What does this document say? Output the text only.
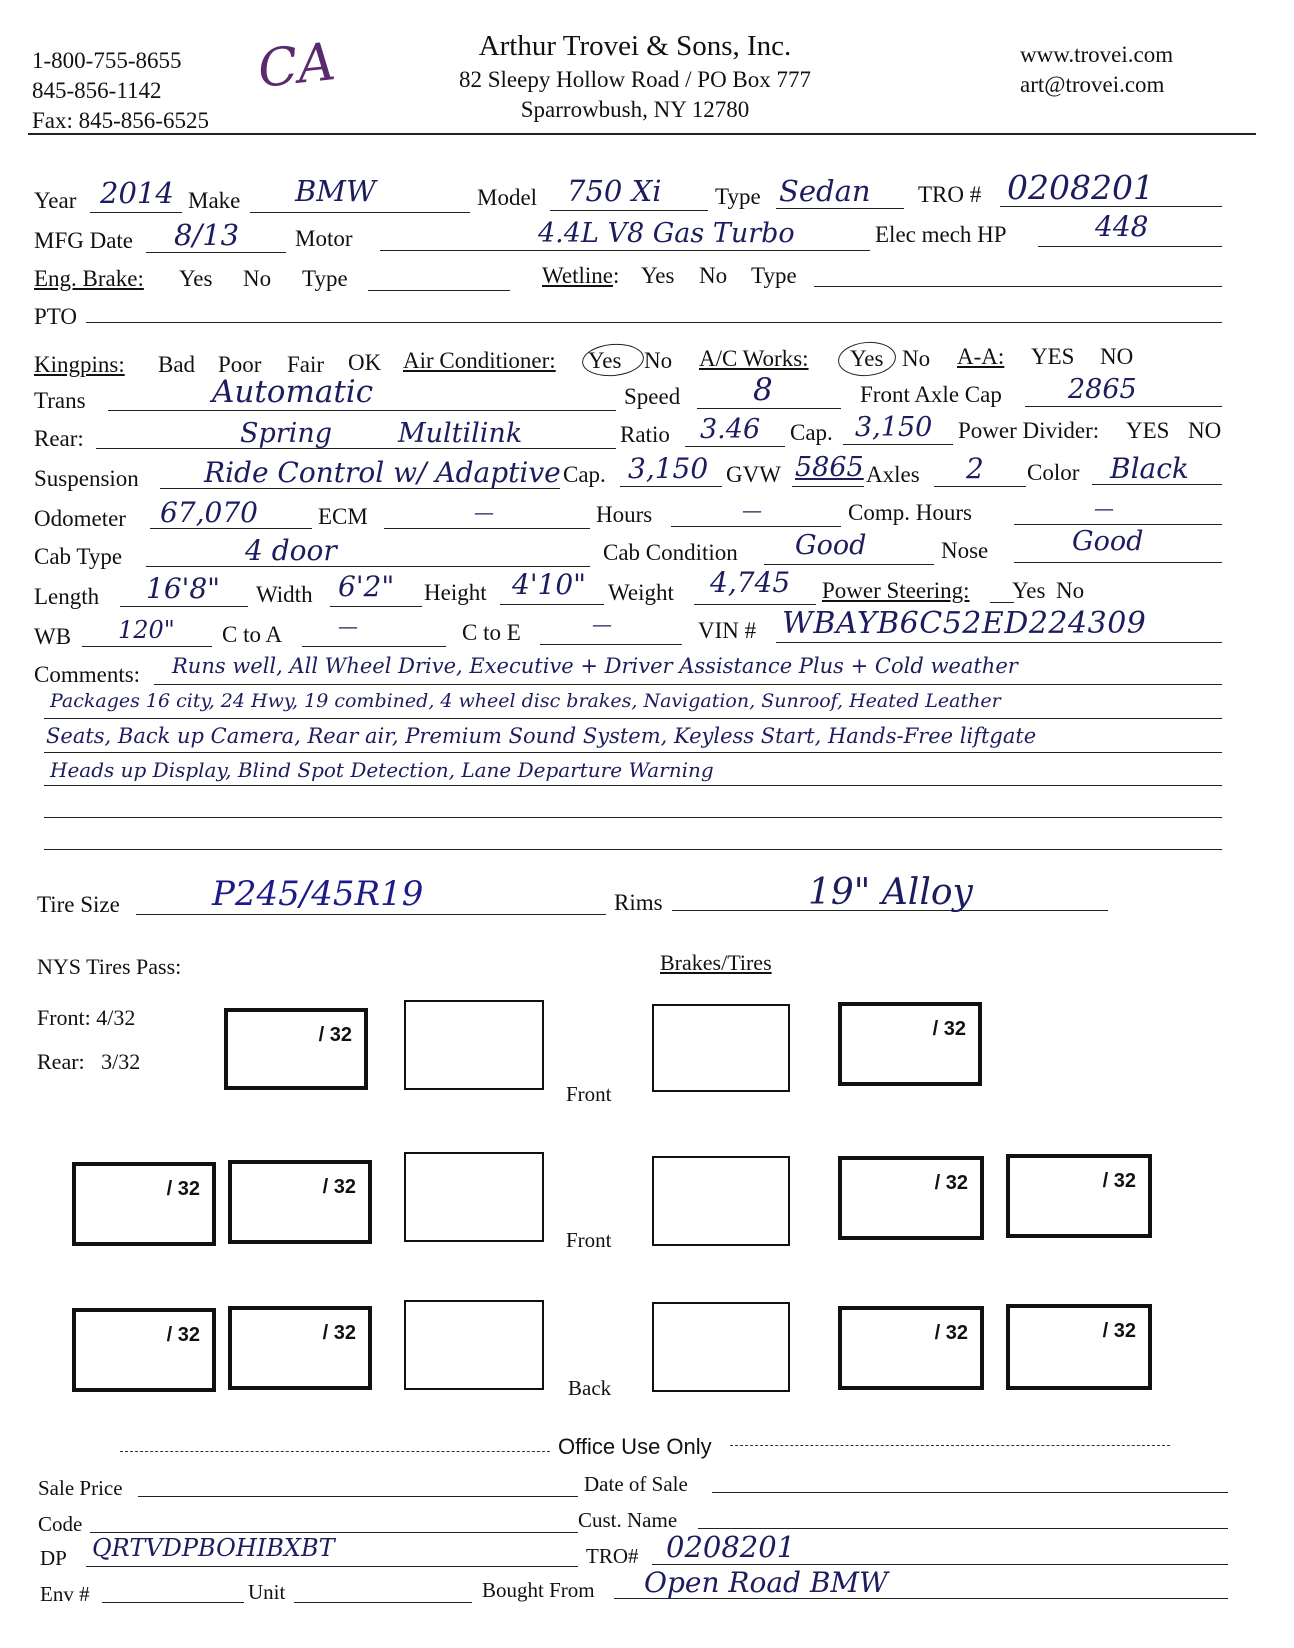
1-800-755-8655
845-856-1142
Fax: 845-856-6525
CA	Arthur Trovei & Sons, Inc.
82 Sleepy Hollow Road / PO Box 777
Sparrowbush, NY 12780
www.trovei.com
art@trovei.com
Year 2014 Make BMW	Model 750 Xi Type Sedan TRO # 0208201
MFG Date 8/13 Motor	4.4L V8 Gas Turbo	Elec mech HP	448
Eng. Brake: Yes No Type	Wetline: Yes No Type
PTO
Kingpins: Bad Poor Fair OK Air Conditioner: Yes No A/C Works: Yes No A-A: YES NO
Trans	Automatic	Speed 8	Front Axle Cap 2865
Rear:	Spring Multilink	Ratio 3.46 Cap. 3,150 Power Divider: YES NO
Suspension Ride Control w/ Adaptive Cap. 3,150 GVW 5865 Axles 2 Color Black
Odometer 67,070	ECM	—	Hours	—	Comp. Hours	—
Cab Type	4 door	Cab Condition Good	Nose	Good
Length 16'8" Width 6'2" Height 4'10" Weight 4,745 Power Steering: Yes No
WB 120" C to A	—	C to E	—	VIN # WBAYB6C52ED224309
Comments: Runs well, All Wheel Drive, Executive + Driver Assistance Plus + Cold weather
Packages 16 city, 24 Hwy, 19 combined, 4 wheel disc brakes, Navigation, Sunroof, Heated Leather
Seats, Back up Camera, Rear air, Premium Sound System, Keyless Start, Hands-Free liftgate
Heads up Display, Blind Spot Detection, Lane Departure Warning
Tire Size	P245/45R19	Rims	19" Alloy
NYS Tires Pass:	Brakes/Tires
Front: 4/32
Rear: 3/32
/ 32
Front
/ 32
/ 32	/ 32
Front
/ 32	/ 32
/ 32	/ 32
Back
/ 32	/ 32
Office Use Only
Sale Price	Date of Sale
Code	Cust. Name
DP QRTVDPBOHIBXBT	TRO# 0208201
Env #	Unit	Bought From Open Road BMW
